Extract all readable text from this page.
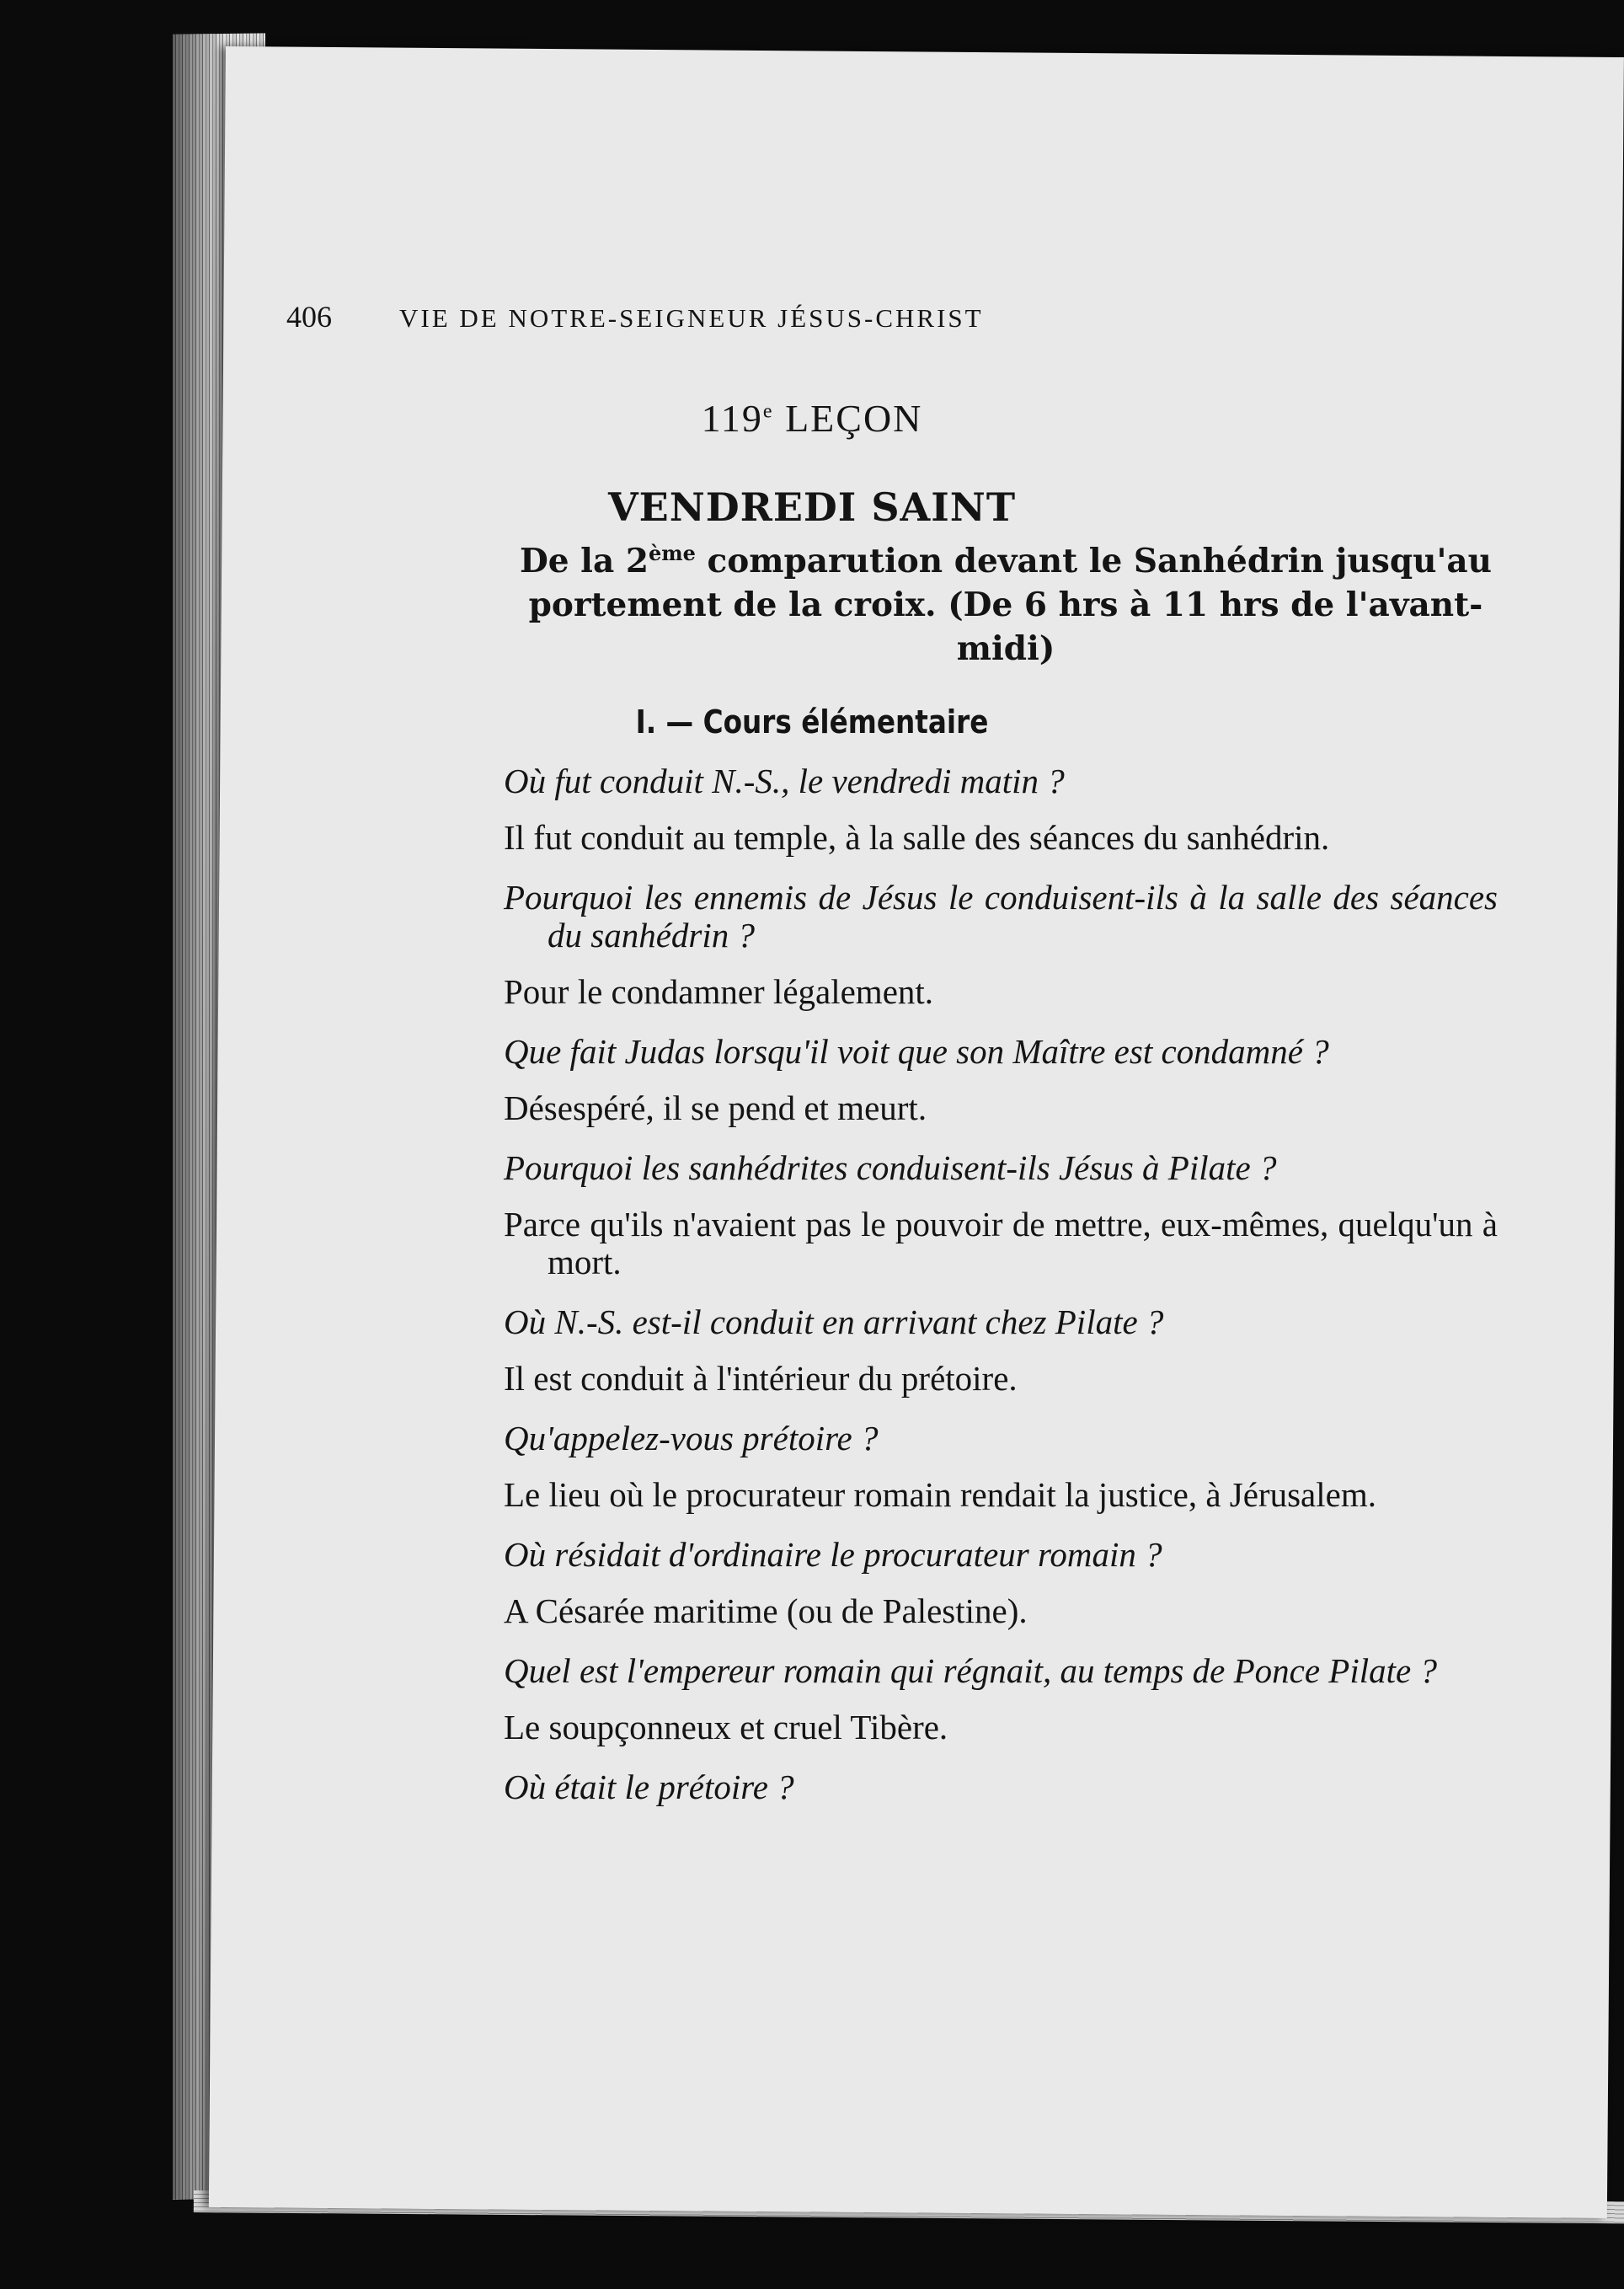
406	VIE DE NOTRE-SEIGNEUR JÉSUS-CHRIST
119e LEÇON
VENDREDI SAINT
De la 2ème comparution devant le Sanhédrin jusqu'au portement de la croix. (De 6 hrs à 11 hrs de l'avant-midi)
I. — Cours élémentaire

Où fut conduit N.-S., le vendredi matin ?

Il fut conduit au temple, à la salle des séances du sanhédrin.

Pourquoi les ennemis de Jésus le conduisent-ils à la salle des séances du sanhédrin ?

Pour le condamner légalement.

Que fait Judas lorsqu'il voit que son Maître est condamné ?

Désespéré, il se pend et meurt.

Pourquoi les sanhédrites conduisent-ils Jésus à Pilate ?

Parce qu'ils n'avaient pas le pouvoir de mettre, eux-mêmes, quelqu'un à mort.

Où N.-S. est-il conduit en arrivant chez Pilate ?

Il est conduit à l'intérieur du prétoire.

Qu'appelez-vous prétoire ?

Le lieu où le procurateur romain rendait la justice, à Jérusalem.

Où résidait d'ordinaire le procurateur romain ?

A Césarée maritime (ou de Palestine).

Quel est l'empereur romain qui régnait, au temps de Ponce Pilate ?

Le soupçonneux et cruel Tibère.

Où était le prétoire ?
